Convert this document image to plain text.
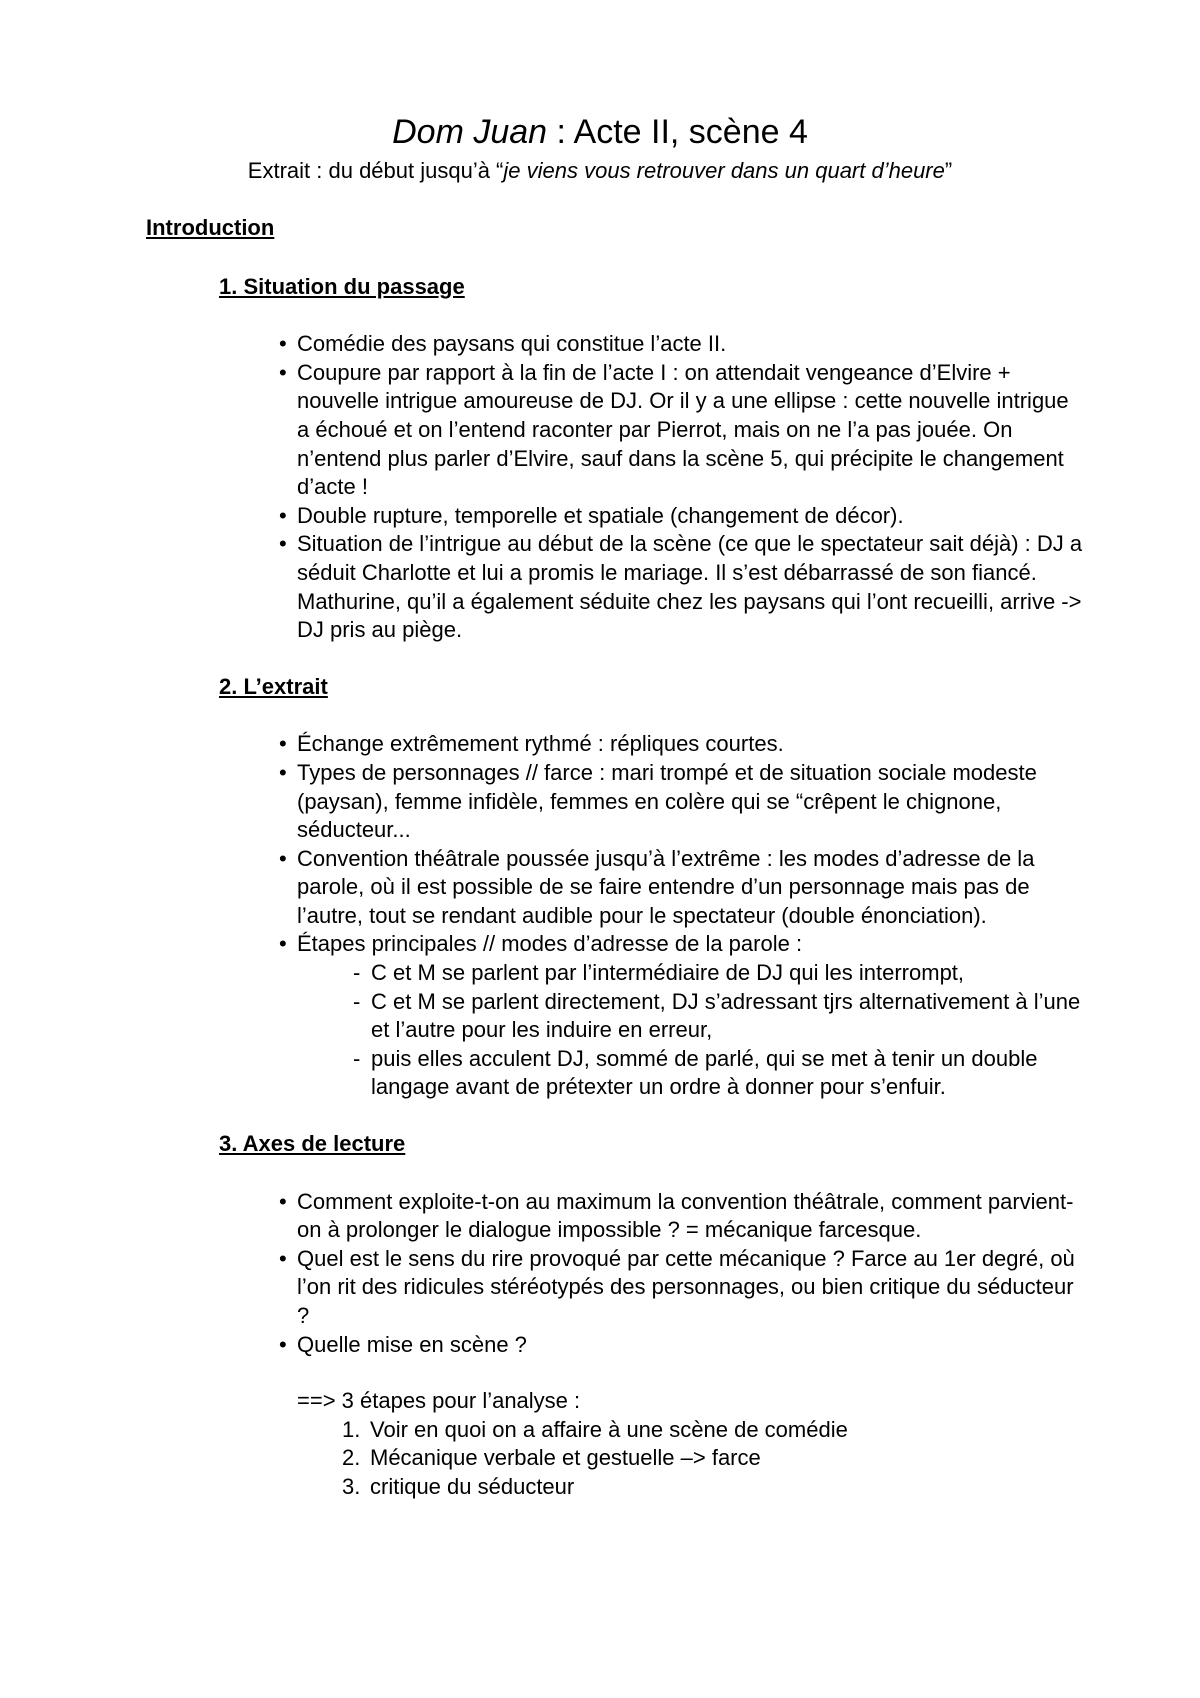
Dom Juan : Acte II, scène 4
Extrait : du début jusqu’à “je viens vous retrouver dans un quart d’heure”
Introduction
1. Situation du passage
• Comédie des paysans qui constitue l’acte II.
• Coupure par rapport à la fin de l’acte I : on attendait vengeance d’Elvire + nouvelle intrigue amoureuse de DJ. Or il y a une ellipse : cette nouvelle intrigue a échoué et on l’entend raconter par Pierrot, mais on ne l’a pas jouée. On n’entend plus parler d’Elvire, sauf dans la scène 5, qui précipite le changement d’acte !
• Double rupture, temporelle et spatiale (changement de décor).
• Situation de l’intrigue au début de la scène (ce que le spectateur sait déjà) : DJ a séduit Charlotte et lui a promis le mariage. Il s’est débarrassé de son fiancé. Mathurine, qu’il a également séduite chez les paysans qui l’ont recueilli, arrive -> DJ pris au piège.
2. L’extrait
• Échange extrêmement rythmé : répliques courtes.
• Types de personnages // farce : mari trompé et de situation sociale modeste (paysan), femme infidèle, femmes en colère qui se “crêpent le chignone, séducteur...
• Convention théâtrale poussée jusqu’à l’extrême : les modes d’adresse de la parole, où il est possible de se faire entendre d’un personnage mais pas de l’autre, tout se rendant audible pour le spectateur (double énonciation).
• Étapes principales // modes d’adresse de la parole :
- C et M se parlent par l’intermédiaire de DJ qui les interrompt,
- C et M se parlent directement, DJ s’adressant tjrs alternativement à l’une et l’autre pour les induire en erreur,
- puis elles acculent DJ, sommé de parlé, qui se met à tenir un double langage avant de prétexter un ordre à donner pour s’enfuir.
3. Axes de lecture
• Comment exploite-t-on au maximum la convention théâtrale, comment parvient-on à prolonger le dialogue impossible ? = mécanique farcesque.
• Quel est le sens du rire provoqué par cette mécanique ? Farce au 1er degré, où l’on rit des ridicules stéréotypés des personnages, ou bien critique du séducteur ?
• Quelle mise en scène ?
==> 3 étapes pour l’analyse :
1. Voir en quoi on a affaire à une scène de comédie
2. Mécanique verbale et gestuelle –> farce
3. critique du séducteur
